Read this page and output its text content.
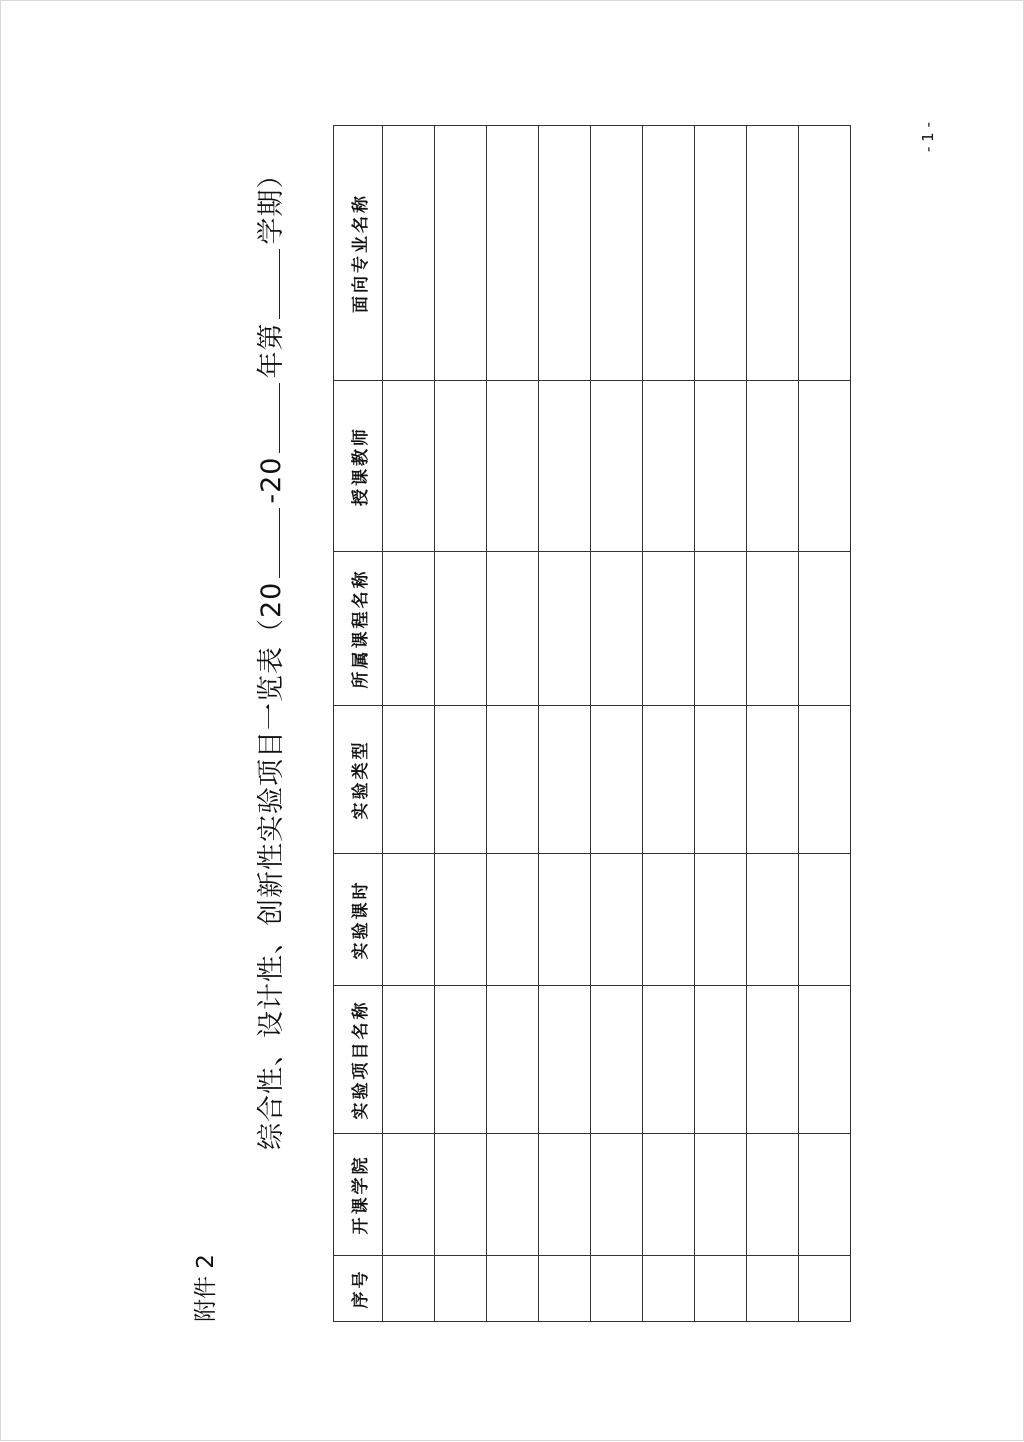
附件 2
综合性、设计性、创新性实验项目一览表（20-20年第学期）
序号	开课学院	实验项目名称	实验课时	实验类型	所属课程名称	授课教师	面向专业名称

- 1 -
